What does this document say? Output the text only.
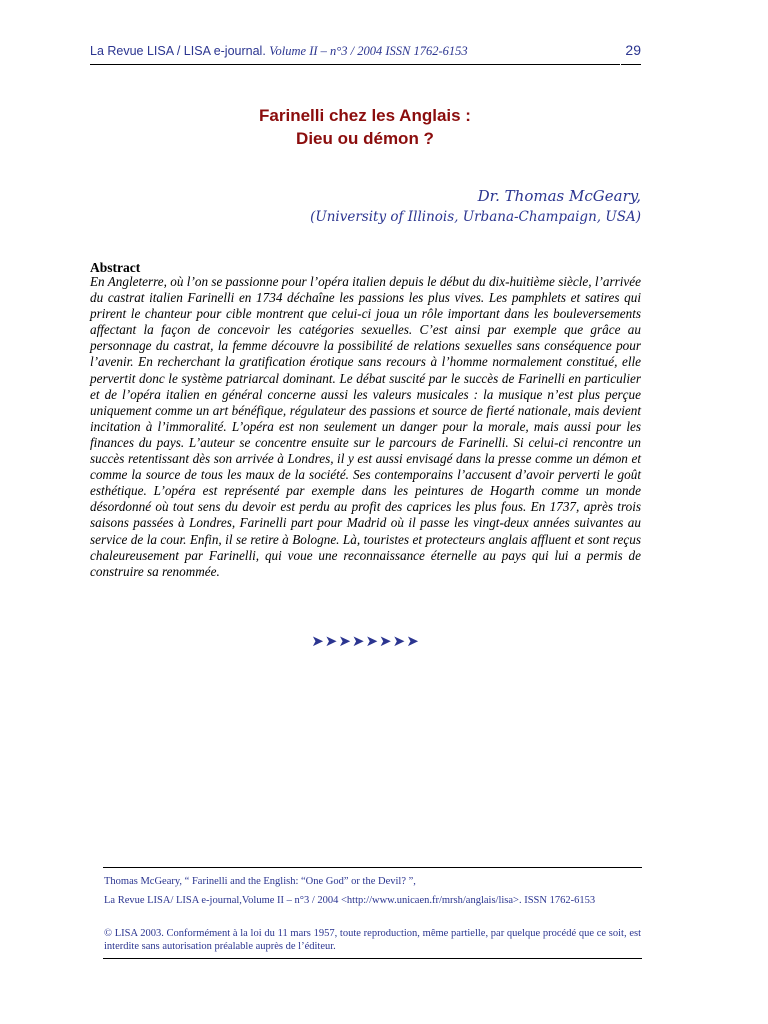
La Revue LISA / LISA e-journal. Volume II – n°3 / 2004 ISSN 1762-6153	29
Farinelli chez les Anglais :
Dieu ou démon ?
Dr. Thomas McGeary,
(University of Illinois, Urbana-Champaign, USA)
Abstract

En Angleterre, où l’on se passionne pour l’opéra italien depuis le début du dix-huitième siècle, l’arrivée du castrat italien Farinelli en 1734 déchaîne les passions les plus vives. Les pamphlets et satires qui prirent le chanteur pour cible montrent que celui-ci joua un rôle important dans les bouleversements affectant la façon de concevoir les catégories sexuelles. C’est ainsi par exemple que grâce au personnage du castrat, la femme découvre la possibilité de relations sexuelles sans conséquence pour l’avenir. En recherchant la gratification érotique sans recours à l’homme normalement constitué, elle pervertit donc le système patriarcal dominant. Le débat suscité par le succès de Farinelli en particulier et de l’opéra italien en général concerne aussi les valeurs musicales : la musique n’est plus perçue uniquement comme un art bénéfique, régulateur des passions et source de fierté nationale, mais devient incitation à l’immoralité. L’opéra est non seulement un danger pour la morale, mais aussi pour les finances du pays. L’auteur se concentre ensuite sur le parcours de Farinelli. Si celui-ci rencontre un succès retentissant dès son arrivée à Londres, il y est aussi envisagé dans la presse comme un démon et comme la source de tous les maux de la société. Ses contemporains l’accusent d’avoir perverti le goût esthétique. L’opéra est représenté par exemple dans les peintures de Hogarth comme un monde désordonné où tout sens du devoir est perdu au profit des caprices les plus fous. En 1737, après trois saisons passées à Londres, Farinelli part pour Madrid où il passe les vingt-deux années suivantes au service de la cour. Enfin, il se retire à Bologne. Là, touristes et protecteurs anglais affluent et sont reçus chaleureusement par Farinelli, qui voue une reconnaissance éternelle au pays qui lui a permis de construire sa renommée.

➤➤➤➤➤➤➤➤

Thomas McGeary, “ Farinelli and the English: “One God” or the Devil? ”,

La Revue LISA/ LISA e-journal,Volume II – n°3 / 2004 <http://www.unicaen.fr/mrsh/anglais/lisa>. ISSN 1762-6153

© LISA 2003. Conformément à la loi du 11 mars 1957, toute reproduction, même partielle, par quelque procédé que ce soit, est interdite sans autorisation préalable auprès de l’éditeur.
